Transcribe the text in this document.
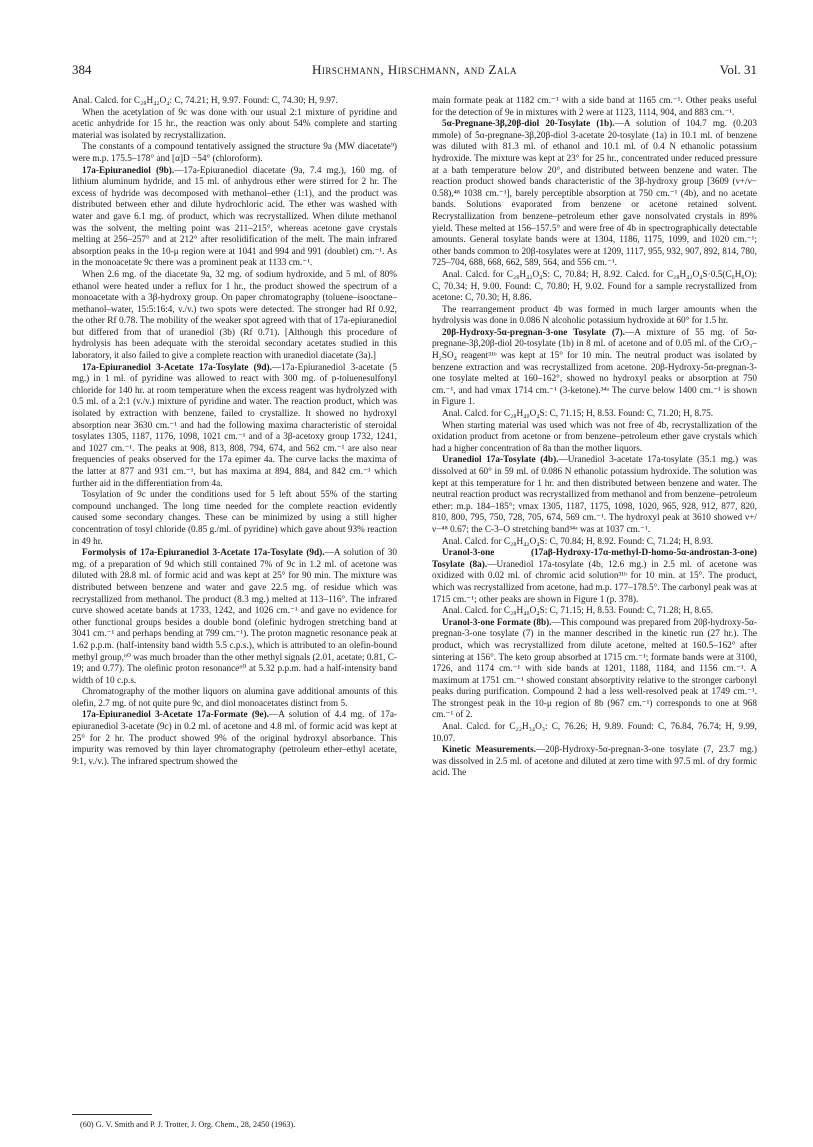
384	Hirschmann, Hirschmann, and Zala	Vol. 31

Anal. Calcd. for C₂₈H₄₂O₄: C, 74.21; H, 9.97. Found: C, 74.30; H, 9.97.

When the acetylation of 9c was done with our usual 2:1 mixture of pyridine and acetic anhydride for 15 hr., the reaction was only about 54% complete and starting material was isolated by recrystallization.

The constants of a compound tentatively assigned the structure 9a (MW diacetate⁹) were m.p. 175.5–178° and [α]D −54° (chloroform).

17a-Epiuranediol (9b).—17a-Epiuranediol diacetate (9a, 7.4 mg.), 160 mg. of lithium aluminum hydride, and 15 ml. of anhydrous ether were stirred for 2 hr. The excess of hydride was decomposed with methanol–ether (1:1), and the product was distributed between ether and dilute hydrochloric acid. The ether was washed with water and gave 6.1 mg. of product, which was recrystallized. When dilute methanol was the solvent, the melting point was 211–215°, whereas acetone gave crystals melting at 256–257° and at 212° after resolidification of the melt. The main infrared absorption peaks in the 10-μ region were at 1041 and 994 and 991 (doublet) cm.⁻¹. As in the monoacetate 9c there was a prominent peak at 1133 cm.⁻¹.

When 2.6 mg. of the diacetate 9a, 32 mg. of sodium hydroxide, and 5 ml. of 80% ethanol were heated under a reflux for 1 hr., the product showed the spectrum of a monoacetate with a 3β-hydroxy group. On paper chromatography (toluene–isooctane–methanol–water, 15:5:16:4, v./v.) two spots were detected. The stronger had Rf 0.92, the other Rf 0.78. The mobility of the weaker spot agreed with that of 17a-epiuranediol but differed from that of uranediol (3b) (Rf 0.71). [Although this procedure of hydrolysis has been adequate with the steroidal secondary acetates studied in this laboratory, it also failed to give a complete reaction with uranediol diacetate (3a).]

17a-Epiuranediol 3-Acetate 17a-Tosylate (9d).—17a-Epiuranediol 3-acetate (5 mg.) in 1 ml. of pyridine was allowed to react with 300 mg. of p-toluenesulfonyl chloride for 140 hr. at room temperature when the excess reagent was hydrolyzed with 0.5 ml. of a 2:1 (v./v.) mixture of pyridine and water. The reaction product, which was isolated by extraction with benzene, failed to crystallize. It showed no hydroxyl absorption near 3630 cm.⁻¹ and had the following maxima characteristic of steroidal tosylates 1305, 1187, 1176, 1098, 1021 cm.⁻¹ and of a 3β-acetoxy group 1732, 1241, and 1027 cm.⁻¹. The peaks at 908, 813, 808, 794, 674, and 562 cm.⁻¹ are also near frequencies of peaks observed for the 17a epimer 4a. The curve lacks the maxima of the latter at 877 and 931 cm.⁻¹, but has maxima at 894, 884, and 842 cm.⁻¹ which further aid in the differentiation from 4a.

Tosylation of 9c under the conditions used for 5 left about 55% of the starting compound unchanged. The long time needed for the complete reaction evidently caused some secondary changes. These can be minimized by using a still higher concentration of tosyl chloride (0.85 g./ml. of pyridine) which gave about 93% reaction in 49 hr.

Formolysis of 17a-Epiuranediol 3-Acetate 17a-Tosylate (9d).—A solution of 30 mg. of a preparation of 9d which still contained 7% of 9c in 1.2 ml. of acetone was diluted with 28.8 ml. of formic acid and was kept at 25° for 90 min. The mixture was distributed between benzene and water and gave 22.5 mg. of residue which was recrystallized from methanol. The product (8.3 mg.) melted at 113–116°. The infrared curve showed acetate bands at 1733, 1242, and 1026 cm.⁻¹ and gave no evidence for other functional groups besides a double bond (olefinic hydrogen stretching band at 3041 cm.⁻¹ and perhaps bending at 799 cm.⁻¹). The proton magnetic resonance peak at 1.62 p.p.m. (half-intensity band width 5.5 c.p.s.), which is attributed to an olefin-bound methyl group,⁶⁰ was much broader than the other methyl signals (2.01, acetate; 0.81, C-19; and 0.77). The olefinic proton resonance⁶⁰ at 5.32 p.p.m. had a half-intensity band width of 10 c.p.s.

Chromatography of the mother liquors on alumina gave additional amounts of this olefin, 2.7 mg. of not quite pure 9c, and diol monoacetates distinct from 5.

17a-Epiuranediol 3-Acetate 17a-Formate (9e).—A solution of 4.4 mg. of 17a-epiuranediol 3-acetate (9c) in 0.2 ml. of acetone and 4.8 ml. of formic acid was kept at 25° for 2 hr. The product showed 9% of the original hydroxyl absorbance. This impurity was removed by thin layer chromatography (petroleum ether–ethyl acetate, 9:1, v./v.). The infrared spectrum showed the

main formate peak at 1182 cm.⁻¹ with a side band at 1165 cm.⁻¹. Other peaks useful for the detection of 9e in mixtures with 2 were at 1123, 1114, 904, and 883 cm.⁻¹.

5α-Pregnane-3β,20β-diol 20-Tosylate (1b).—A solution of 104.7 mg. (0.203 mmole) of 5α-pregnane-3β,20β-diol 3-acetate 20-tosylate (1a) in 10.1 ml. of benzene was diluted with 81.3 ml. of ethanol and 10.1 ml. of 0.4 N ethanolic potassium hydroxide. The mixture was kept at 23° for 25 hr., concentrated under reduced pressure at a bath temperature below 20°, and distributed between benzene and water. The reaction product showed bands characteristic of the 3β-hydroxy group [3609 (ν+/ν− 0.58),⁴⁸ 1038 cm.⁻¹], barely perceptible absorption at 750 cm.⁻¹ (4b), and no acetate bands. Solutions evaporated from benzene or acetone retained solvent. Recrystallization from benzene–petroleum ether gave nonsolvated crystals in 89% yield. These melted at 156–157.5° and were free of 4b in spectrographically detectable amounts. General tosylate bands were at 1304, 1186, 1175, 1099, and 1020 cm.⁻¹; other bands common to 20β-tosylates were at 1209, 1117, 955, 932, 907, 892, 814, 780, 725–704, 688, 668, 662, 589, 564, and 556 cm.⁻¹.

Anal. Calcd. for C₂₈H₄₂O₄S: C, 70.84; H, 8.92. Calcd. for C₂₈H₄₂O₄S·0.5(C₆H₆O): C, 70.34; H, 9.00. Found: C, 70.80; H, 9.02. Found for a sample recrystallized from acetone: C, 70.30; H, 8.86.

The rearrangement product 4b was formed in much larger amounts when the hydrolysis was done in 0.086 N alcoholic potassium hydroxide at 60° for 1.5 hr.

20β-Hydroxy-5α-pregnan-3-one Tosylate (7).—A mixture of 55 mg. of 5α-pregnane-3β,20β-diol 20-tosylate (1b) in 8 ml. of acetone and of 0.05 ml. of the CrO₃–H₂SO₄ reagent³¹ᵇ was kept at 15° for 10 min. The neutral product was isolated by benzene extraction and was recrystallized from acetone. 20β-Hydroxy-5α-pregnan-3-one tosylate melted at 160–162°, showed no hydroxyl peaks or absorption at 750 cm.⁻¹, and had νmax 1714 cm.⁻¹ (3-ketone).³⁴ᵃ The curve below 1400 cm.⁻¹ is shown in Figure 1.

Anal. Calcd. for C₂₈H₄₀O₄S: C, 71.15; H, 8.53. Found: C, 71.20; H, 8.75.

When starting material was used which was not free of 4b, recrystallization of the oxidation product from acetone or from benzene–petroleum ether gave crystals which had a higher concentration of 8a than the mother liquors.

Uranediol 17a-Tosylate (4b).—Uranediol 3-acetate 17a-tosylate (35.1 mg.) was dissolved at 60° in 59 ml. of 0.086 N ethanolic potassium hydroxide. The solution was kept at this temperature for 1 hr. and then distributed between benzene and water. The neutral reaction product was recrystallized from methanol and from benzene–petroleum ether: m.p. 184–185°; νmax 1305, 1187, 1175, 1098, 1020, 965, 928, 912, 877, 820, 810, 800, 795, 750, 728, 705, 674, 569 cm.⁻¹. The hydroxyl peak at 3610 showed ν+/ν−⁴⁸ 0.67; the C-3–O stretching band³⁴ᵃ was at 1037 cm.⁻¹.

Anal. Calcd. for C₂₈H₄₂O₄S: C, 70.84; H, 8.92. Found: C, 71.24; H, 8.93.

Uranol-3-one (17aβ-Hydroxy-17α-methyl-D-homo-5α-androstan-3-one) Tosylate (8a).—Uranediol 17a-tosylate (4b, 12.6 mg.) in 2.5 ml. of acetone was oxidized with 0.02 ml. of chromic acid solution³¹ᵇ for 10 min. at 15°. The product, which was recrystallized from acetone, had m.p. 177–178.5°. The carbonyl peak was at 1715 cm.⁻¹; other peaks are shown in Figure 1 (p. 378).

Anal. Calcd. for C₂₈H₄₀O₄S: C, 71.15; H, 8.53. Found: C, 71.28; H, 8.65.

Uranol-3-one Formate (8b).—This compound was prepared from 20β-hydroxy-5α-pregnan-3-one tosylate (7) in the manner described in the kinetic run (27 hr.). The product, which was recrystallized from dilute acetone, melted at 160.5–162° after sintering at 156°. The keto group absorbed at 1715 cm.⁻¹; formate bands were at 3100, 1726, and 1174 cm.⁻¹ with side bands at 1201, 1188, 1184, and 1156 cm.⁻¹. A maximum at 1751 cm.⁻¹ showed constant absorptivity relative to the stronger carbonyl peaks during purification. Compound 2 had a less well-resolved peak at 1749 cm.⁻¹. The strongest peak in the 10-μ region of 8b (967 cm.⁻¹) corresponds to one at 968 cm.⁻¹ of 2.

Anal. Calcd. for C₂₂H₃₄O₃: C, 76.26; H, 9.89. Found: C, 76.84, 76.74; H, 9.99, 10.07.

Kinetic Measurements.—20β-Hydroxy-5α-pregnan-3-one tosylate (7, 23.7 mg.) was dissolved in 2.5 ml. of acetone and diluted at zero time with 97.5 ml. of dry formic acid. The

(60) G. V. Smith and P. J. Trotter, J. Org. Chem., 28, 2450 (1963).
